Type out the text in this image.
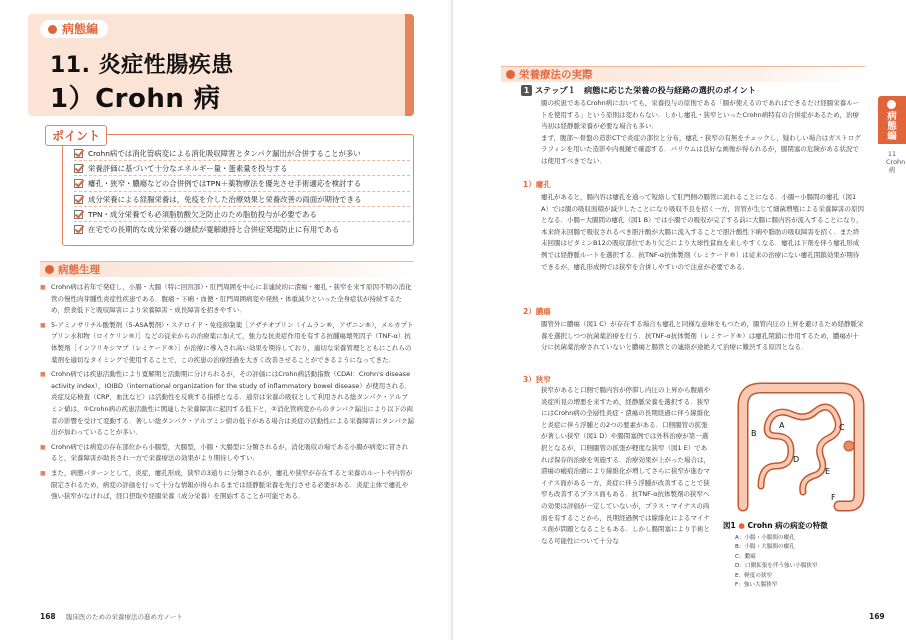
病態編
11. 炎症性腸疾患
1）Crohn 病
ポイント
Crohn病では消化管病変による消化吸収障害とタンパク漏出が合併することが多い
栄養評価に基づいて十分なエネルギー量・蛋素量を投与する
瘻孔・狭窄・膿瘍などの合併例ではTPN＋薬物療法を優先させ手術適応を検討する
成分栄養による経腸栄養は，免疫を介した治療効果と栄養改善の両面が期待できる
TPN・成分栄養でも必須脂肪酸欠乏防止のため脂肪投与が必要である
在宅での長期的な成分栄養の継続が寛解維持と合併症発現防止に有用である
病態生理

■ Crohn病は若年で発症し，小腸・大腸（特に回盲部）・肛門周囲を中心に非連続的に潰瘍・瘻孔・狭窄を来す原因不明の消化管の慢性肉芽腫性炎症性疾患である．腹痛・下痢・血便・肛門周囲病変や発熱・体重減少といった全身症状が持続するため，摂食低下と吸収障害により栄養障害・成長障害を招きやすい．

■ 5-アミノサリチル酸製剤（5-ASA製剤）・ステロイド・免疫抑制薬［アザチオプリン（イムラン®，アザニン®），メルカプトプリン水和物（ロイケリン®）］などの従来からの治療薬に加えて，強力な抗炎症作用を有する抗腫瘍壊死因子（TNF-α）抗体製剤［インフリキシマブ（レミケード®）］が治療に導入され高い効果を期待しており，適切な栄養管理とともにこれらの薬剤を適切なタイミングで使用することで，この疾患の治療経過を大きく改善させることができるようになってきた．

■ Crohn病では疾患活動性により寛解期と活動期に分けられるが，その評価にはCrohn病活動指数（CDAI：Crohn's disease activity index），IOIBD（international organization for the study of inflammatory bowel disease）が使用される．炎症反応検査（CRP，血沈など）は活動性を反映する指標となる．通常は栄養の吸収として利用される総タンパク・アルブミン値は，①Crohn病の疾患活動性に関連した栄養障害に起因する低下と，②消化管病変からのタンパク漏出により以下の両者の影響を受けて変動する．著しい総タンパク・アルブミン値の低下がある場合は炎症の活動性による栄養障害にタンパク漏出が加わっていることが多い．

■ Crohn病では病変の存在部位から小腸型，大腸型，小腸・大腸型に分類されるが，消化吸収の場である小腸が病変に冒されると，栄養障害が助長され一方で栄養療法の効果がより期待しやすい．

■ また，病態パターンとして，炎症，瘻孔形成，狭窄の3通りに分類されるが，瘻孔や狭窄が存在すると栄養のルートや内容が限定されるため，病変の評価を行って十分な情報が得られるまでは経静脈栄養を先行させる必要がある．炎症主体で瘻孔や強い狭窄がなければ，経口摂取や経腸栄養（成分栄養）を開始することが可能である．

168 臨床医のための栄養療法の進め方ノート
栄養療法の実際
1 ステップ１　病態に応じた栄養の投与経路の選択のポイント
腸の疾患であるCrohn病においても，栄養投与の原則である「腸が使えるのであればできるだけ経腸栄養ルートを使用する」という原則は変わらない．しかし瘻孔・狭窄といったCrohn病特有の合併症があるため，治療当初は経静脈栄養が必要な場合も多い．
まず，腹部〜骨盤の造影CTで炎症の部位と分布，瘻孔・狭窄の有無をチェックし，疑わしい場合はガストログラフィンを用いた造影や内視鏡で確認する．バリウムは良好な画像が得られるが，腸閉塞の危険がある状況では使用すべきでない．
1）瘻孔
瘻孔があると，腸内容は瘻孔を通って短絡して肛門側の腸管に流れることになる．小腸−小腸間の瘻孔（図1 A）では腸の吸収面積が減少したことになり吸収不良を招く一方，盲管が生じて細菌増殖による栄養障害の原因となる．小腸−大腸間の瘻孔（図1 B）では小腸での吸収が完了する前に大腸に腸内容が流入することになり，本来終末回腸で吸収されるべき胆汁酸が大腸に流入することで胆汁酸性下痢や脂肪の吸収障害を招く．また終末回腸はビタミンB12の吸収部位であり欠乏により大球性貧血を来しやすくなる．瘻孔は下剤を伴う瘻孔形成例では経静脈ルートを選択する．抗TNF-α抗体製剤（レミケード®）は従来の治療にない瘻孔閉鎖効果が期待できるが，瘻孔形成例では狭窄を合併しやすいので注意が必要である．
2）膿瘍
腸管外に膿瘍（図1 C）が存在する場合も瘻孔と同様な意味をもつため，腸管内圧の上昇を避けるため経静脈栄養を選択しつつ抗菌薬治療を行う．抗TNF-α抗体製剤（レミケード®）は瘻孔閉鎖に作用するため，膿瘍が十分に抗菌薬治療されていないと膿瘍と腸管との連絡が途絶えて治療に難渋する原因となる．
3）狭窄
狭窄があると口側で腸内容が停滞し内圧の上昇から腹痛や炎症所見の増悪を来すため，経静脈栄養を選択する．狭窄にはCrohn病の全層性炎症・潰瘍の長期経過に伴う線維化と炎症に伴う浮腫との2つの要素がある．口側腸管の拡張が著しい狭窄（図1 D）や腸閉塞例では外科治療が第一選択となるが，口側腸管の拡張が軽度な狭窄（図1 E）であれば保存的治療を実施する．治療効果が上がった場合は，潰瘍の瘢痕治癒により線維化が増してさらに狭窄が進むマイナス面がある一方，炎症に伴う浮腫が改善することで狭窄も改善するプラス面もある．抗TNF-α抗体製剤の狭窄への効果は評価が一定していないが，プラス・マイナスの両面を有することから，長期経過例では線維化によるマイナス面が問題となることもある．しかし腸閉塞により手術となる可能性について十分な
A
B
C
D
E
F
図1 ● Crohn 病の病変の特徴
A：小腸・小腸間の瘻孔
B：小腸・大腸間の瘻孔
C：膿瘍
D：口側拡張を伴う強い小腸狭窄
E：軽度の狭窄
F：強い大腸狭窄
病態編
11 Crohn病
169
